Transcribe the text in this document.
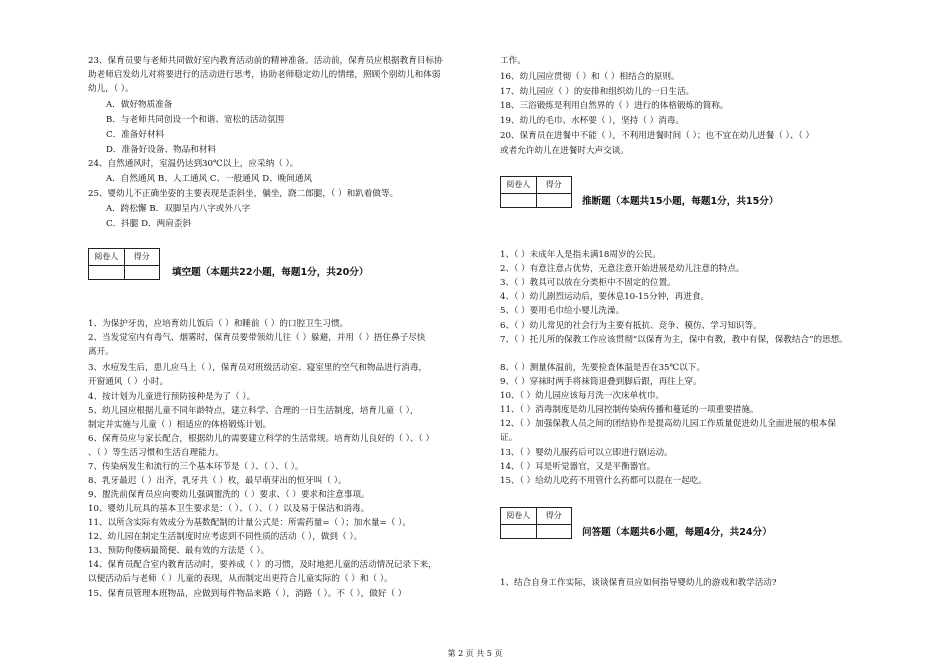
23、保育员要与老师共同做好室内教育活动前的精神准备。活动前，保育员应根据教育目标协
助老师启发幼儿对将要进行的活动进行思考，协助老师稳定幼儿的情绪，照顾个别幼儿和体弱
幼儿，（ ）。
A．做好物质准备
B．与老师共同创设一个和谐、宽松的活动氛围
C．准备好材料
D．准备好设备、物品和材料
24、自然通风时，室温仍达到30℃以上，应采纳（ ）。
A．自然通风 B、人工通风 C、一般通风 D、晚间通风
25、婴幼儿不正确坐姿的主要表现是歪斜坐，躺坐，跷二郎腿，（ ）和趴着做等。
A．跨松懈 B．双脚呈内八字或外八字
C．抖腿 D．两肩歪斜
阅卷人	得分
填空题（本题共22小题，每题1分，共20分）
1、为保护牙齿，应培育幼儿饭后（ ）和睡前（ ）的口腔卫生习惯。
2、当发觉室内有毒气、烟雾时，保育员要带领幼儿往（ ）躲避，并用（ ）捂住鼻子尽快
离开。
3、水痘发生后，患儿应马上（ ），保育员对班级活动室、寝室里的空气和物品进行消毒，
开窗通风（ ）小时。
4、按计划为儿童进行预防接种是为了（ ）。
5、幼儿园应根据儿童不同年龄特点，建立科学、合理的一日生活制度，培育儿童（ ），
制定并实施与儿童（ ）相适应的体格锻炼计划。
6、保育员应与家长配合，根据幼儿的需要建立科学的生活常规。培育幼儿良好的（ ）、（ ）
、（ ）等生活习惯和生活自理能力。
7、传染病发生和流行的三个基本环节是（ ）、（ ）、（ ）。
8、乳牙最迟（ ）出齐，乳牙共（ ）枚，最早萌芽出的恒牙叫（ ）。
9、盥洗前保育员应向婴幼儿强调盥洗的（ ）要求、（ ）要求和注意事项。
10、婴幼儿玩具的基本卫生要求是：（ ）、（ ）、（ ）以及易于保洁和消毒。
11、以所含实际有效成分为基数配制的计量公式是：所需药量=（ ）；加水量=（ ）。
12、幼儿园在制定生活制度时应考虑到不同性质的活动（ ），做到（ ）。
13、预防佝偻病最简便、最有效的方法是（ ）。
14、保育员配合室内教育活动时，要养成（ ）的习惯，及时地把儿童的活动情况记录下来，
以便活动后与老师（ ）儿童的表现，从而制定出更符合儿童实际的（ ）和（ ）。
15、保育员管理本班物品，应做到每件物品来路（ ），消路（ ）。不（ ），做好（ ）
工作。
16、幼儿园应贯彻（ ）和（ ）相结合的原则。
17、幼儿园应（ ）的安排和组织幼儿的一日生活。
18、三浴锻炼是利用自然界的（ ）进行的体格锻炼的简称。
19、幼儿的毛巾、水杯要（ ），坚持（ ）消毒。
20、保育员在进餐中不能（ ），不利用进餐时间（ ）；也不宜在幼儿进餐（ ）、（ ）
或者允许幼儿在进餐时大声交谈。
阅卷人	得分
推断题（本题共15小题，每题1分，共15分）
1、（ ）未成年人是指未满18周岁的公民。
2、（ ）有意注意占优势，无意注意开始进展是幼儿注意的特点。
3、（ ）教具可以放在分类柜中不固定的位置。
4、（ ）幼儿剧烈运动后，要休息10-15分钟，再进食。
5、（ ）要用毛巾给小婴儿洗澡。
6、（ ）幼儿常见的社会行为主要有抵抗、竞争、模仿、学习知识等。
7、（ ）托儿所的保教工作应该贯彻“以保育为主，保中有教，教中有保，保教结合”的思想。
8、（ ）测量体温前，先要检查体温是否在35℃以下。
9、（ ）穿袜时两手将袜筒退叠到脚后跟，再往上穿。
10、（ ）幼儿园应该每月洗一次床单枕巾。
11、（ ）消毒制度是幼儿园控制传染病传播和蔓延的一项重要措施。
12、（ ）加强保教人员之间的团结协作是提高幼儿园工作质量促进幼儿全面进展的根本保
证。
13、（ ）婴幼儿服药后可以立即进行剧运动。
14、（ ）耳是听觉器官，又是平衡器官。
15、（ ）给幼儿吃药不用管什么药都可以混在一起吃。
阅卷人	得分
问答题（本题共6小题，每题4分，共24分）
1、结合自身工作实际，谈谈保育员应如何指导婴幼儿的游戏和教学活动?
第 2 页 共 5 页
